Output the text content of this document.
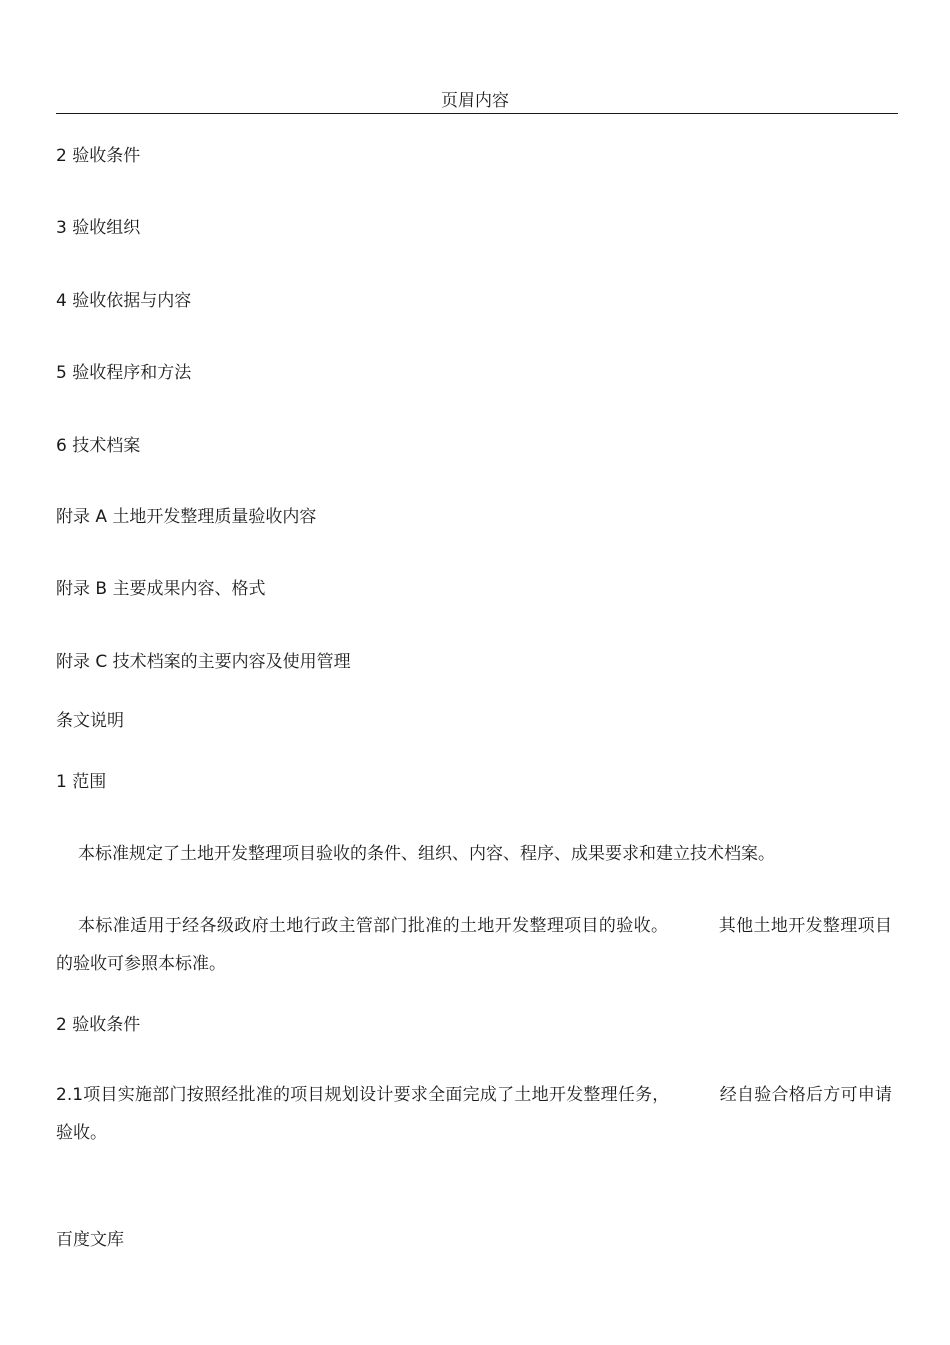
页眉内容
2 验收条件
3 验收组织
4 验收依据与内容
5 验收程序和方法
6 技术档案
附录 A 土地开发整理质量验收内容
附录 B 主要成果内容、格式
附录 C 技术档案的主要内容及使用管理
条文说明
1 范围
本标准规定了土地开发整理项目验收的条件、组织、内容、程序、成果要求和建立技术档案。
本标准适用于经各级政府土地行政主管部门批准的土地开发整理项目的验收。	其他土地开发整理项目的验收可参照本标准。
2 验收条件
2.1项目实施部门按照经批准的项目规划设计要求全面完成了土地开发整理任务，	经自验合格后方可申请验收。
百度文库
